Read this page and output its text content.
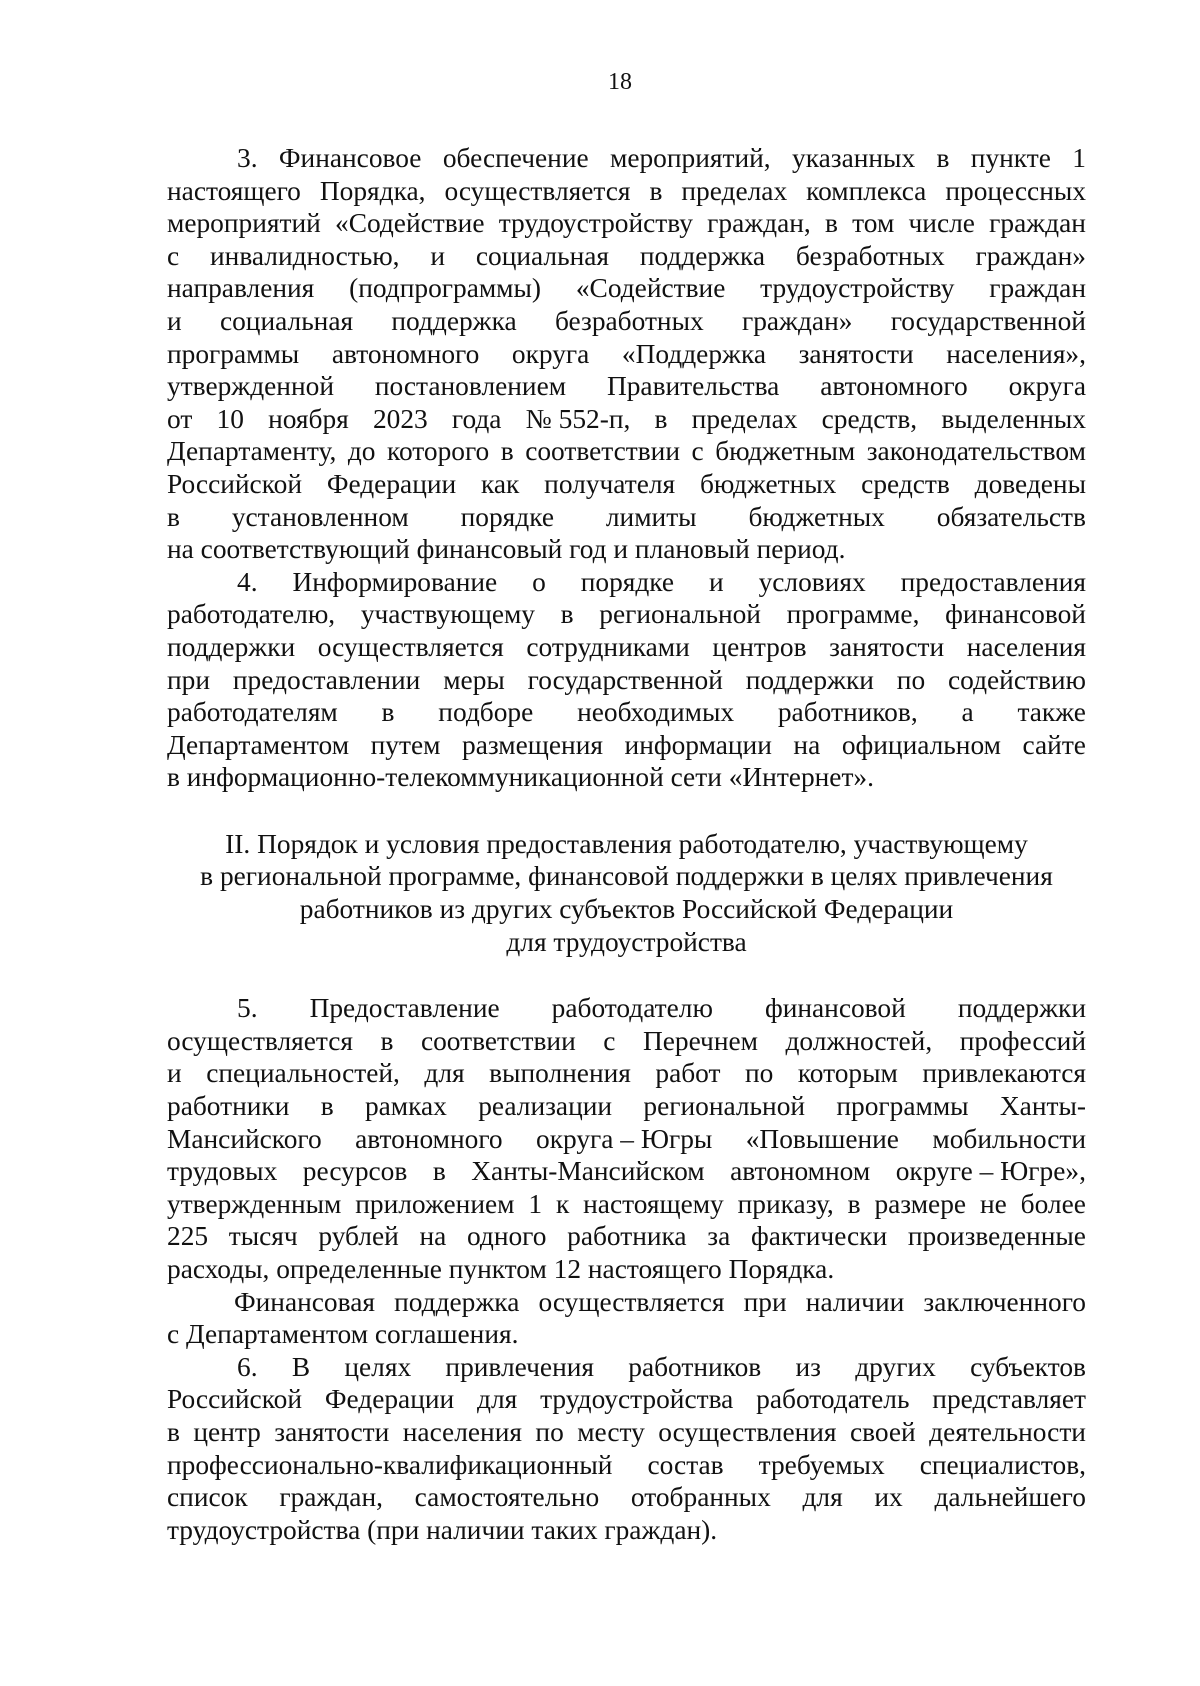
18
3. Финансовое обеспечение мероприятий, указанных в пункте 1
настоящего Порядка, осуществляется в пределах комплекса процессных
мероприятий «Содействие трудоустройству граждан, в том числе граждан
с инвалидностью, и социальная поддержка безработных граждан»
направления (подпрограммы) «Содействие трудоустройству граждан
и социальная поддержка безработных граждан» государственной
программы автономного округа «Поддержка занятости населения»,
утвержденной постановлением Правительства автономного округа
от 10 ноября 2023 года № 552-п, в пределах средств, выделенных
Департаменту, до которого в соответствии с бюджетным законодательством
Российской Федерации как получателя бюджетных средств доведены
в установленном порядке лимиты бюджетных обязательств
на соответствующий финансовый год и плановый период.
4. Информирование о порядке и условиях предоставления
работодателю, участвующему в региональной программе, финансовой
поддержки осуществляется сотрудниками центров занятости населения
при предоставлении меры государственной поддержки по содействию
работодателям в подборе необходимых работников, а также
Департаментом путем размещения информации на официальном сайте
в информационно-телекоммуникационной сети «Интернет».
II. Порядок и условия предоставления работодателю, участвующему
в региональной программе, финансовой поддержки в целях привлечения
работников из других субъектов Российской Федерации
для трудоустройства
5. Предоставление работодателю финансовой поддержки
осуществляется в соответствии с Перечнем должностей, профессий
и специальностей, для выполнения работ по которым привлекаются
работники в рамках реализации региональной программы Ханты-
Мансийского автономного округа – Югры «Повышение мобильности
трудовых ресурсов в Ханты-Мансийском автономном округе – Югре»,
утвержденным приложением 1 к настоящему приказу, в размере не более
225 тысяч рублей на одного работника за фактически произведенные
расходы, определенные пунктом 12 настоящего Порядка.
Финансовая поддержка осуществляется при наличии заключенного
с Департаментом соглашения.
6. В целях привлечения работников из других субъектов
Российской Федерации для трудоустройства работодатель представляет
в центр занятости населения по месту осуществления своей деятельности
профессионально-квалификационный состав требуемых специалистов,
список граждан, самостоятельно отобранных для их дальнейшего
трудоустройства (при наличии таких граждан).
